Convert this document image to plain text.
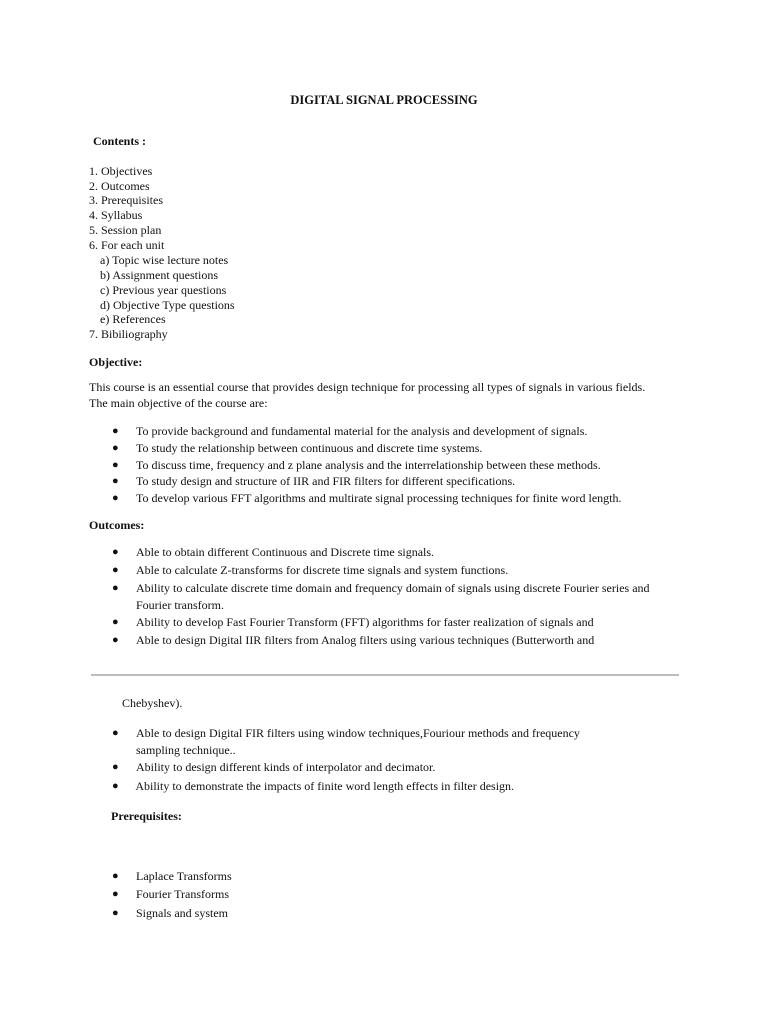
DIGITAL SIGNAL PROCESSING
Contents :
1. Objectives
2. Outcomes
3. Prerequisites
4. Syllabus
5. Session plan
6. For each unit
a) Topic wise lecture notes
b) Assignment questions
c) Previous year questions
d) Objective Type questions
e) References
7. Bibiliography
Objective:
This course is an essential course that provides design technique for processing all types of signals in various fields.
The main objective of the course are:
● To provide background and fundamental material for the analysis and development of signals.
● To study the relationship between continuous and discrete time systems.
● To discuss time, frequency and z plane analysis and the interrelationship between these methods.
● To study design and structure of IIR and FIR filters for different specifications.
● To develop various FFT algorithms and multirate signal processing techniques for finite word length.
Outcomes:
● Able to obtain different Continuous and Discrete time signals.
● Able to calculate Z-transforms for discrete time signals and system functions.
● Ability to calculate discrete time domain and frequency domain of signals using discrete Fourier series and
Fourier transform.
● Ability to develop Fast Fourier Transform (FFT) algorithms for faster realization of signals and
● Able to design Digital IIR filters from Analog filters using various techniques (Butterworth and
Chebyshev).
● Able to design Digital FIR filters using window techniques,Fouriour methods and frequency
sampling technique..
● Ability to design different kinds of interpolator and decimator.
● Ability to demonstrate the impacts of finite word length effects in filter design.
Prerequisites:
● Laplace Transforms
● Fourier Transforms
● Signals and system
